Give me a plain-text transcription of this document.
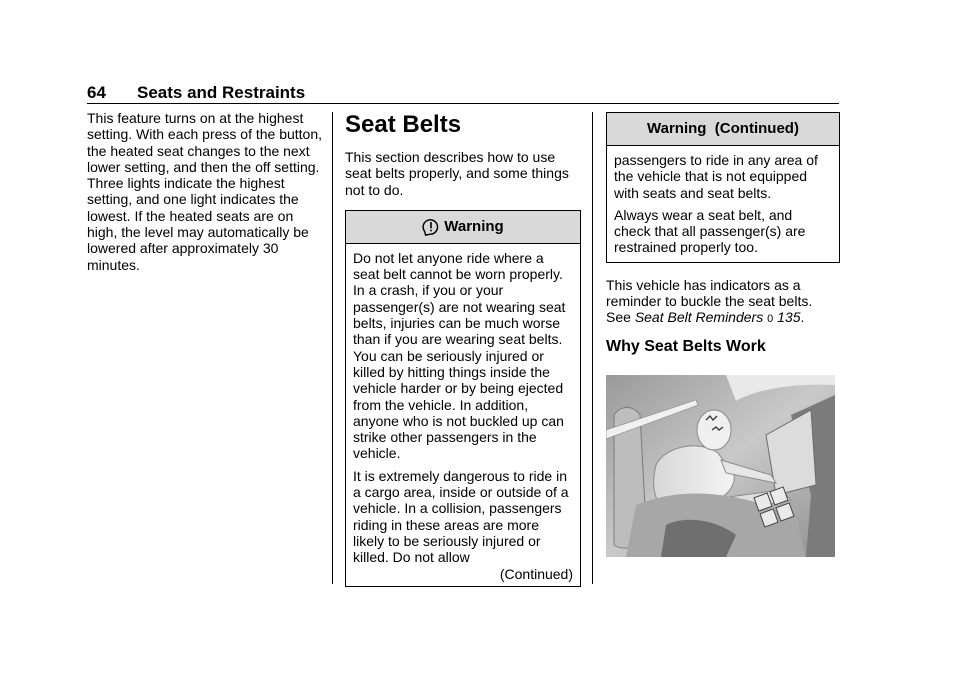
64 Seats and Restraints

This feature turns on at the highest setting. With each press of the button, the heated seat changes to the next lower setting, and then the off setting. Three lights indicate the highest setting, and one light indicates the lowest. If the heated seats are on high, the level may automatically be lowered after approximately 30 minutes.

Seat Belts

This section describes how to use seat belts properly, and some things not to do.

Warning

Do not let anyone ride where a seat belt cannot be worn properly. In a crash, if you or your passenger(s) are not wearing seat belts, injuries can be much worse than if you are wearing seat belts. You can be seriously injured or killed by hitting things inside the vehicle harder or by being ejected from the vehicle. In addition, anyone who is not buckled up can strike other passengers in the vehicle.

It is extremely dangerous to ride in a cargo area, inside or outside of a vehicle. In a collision, passengers riding in these areas are more likely to be seriously injured or killed. Do not allow

(Continued)
Warning  (Continued)

passengers to ride in any area of the vehicle that is not equipped with seats and seat belts.

Always wear a seat belt, and check that all passenger(s) are restrained properly too.

This vehicle has indicators as a reminder to buckle the seat belts. See Seat Belt Reminders 0 135.

Why Seat Belts Work
